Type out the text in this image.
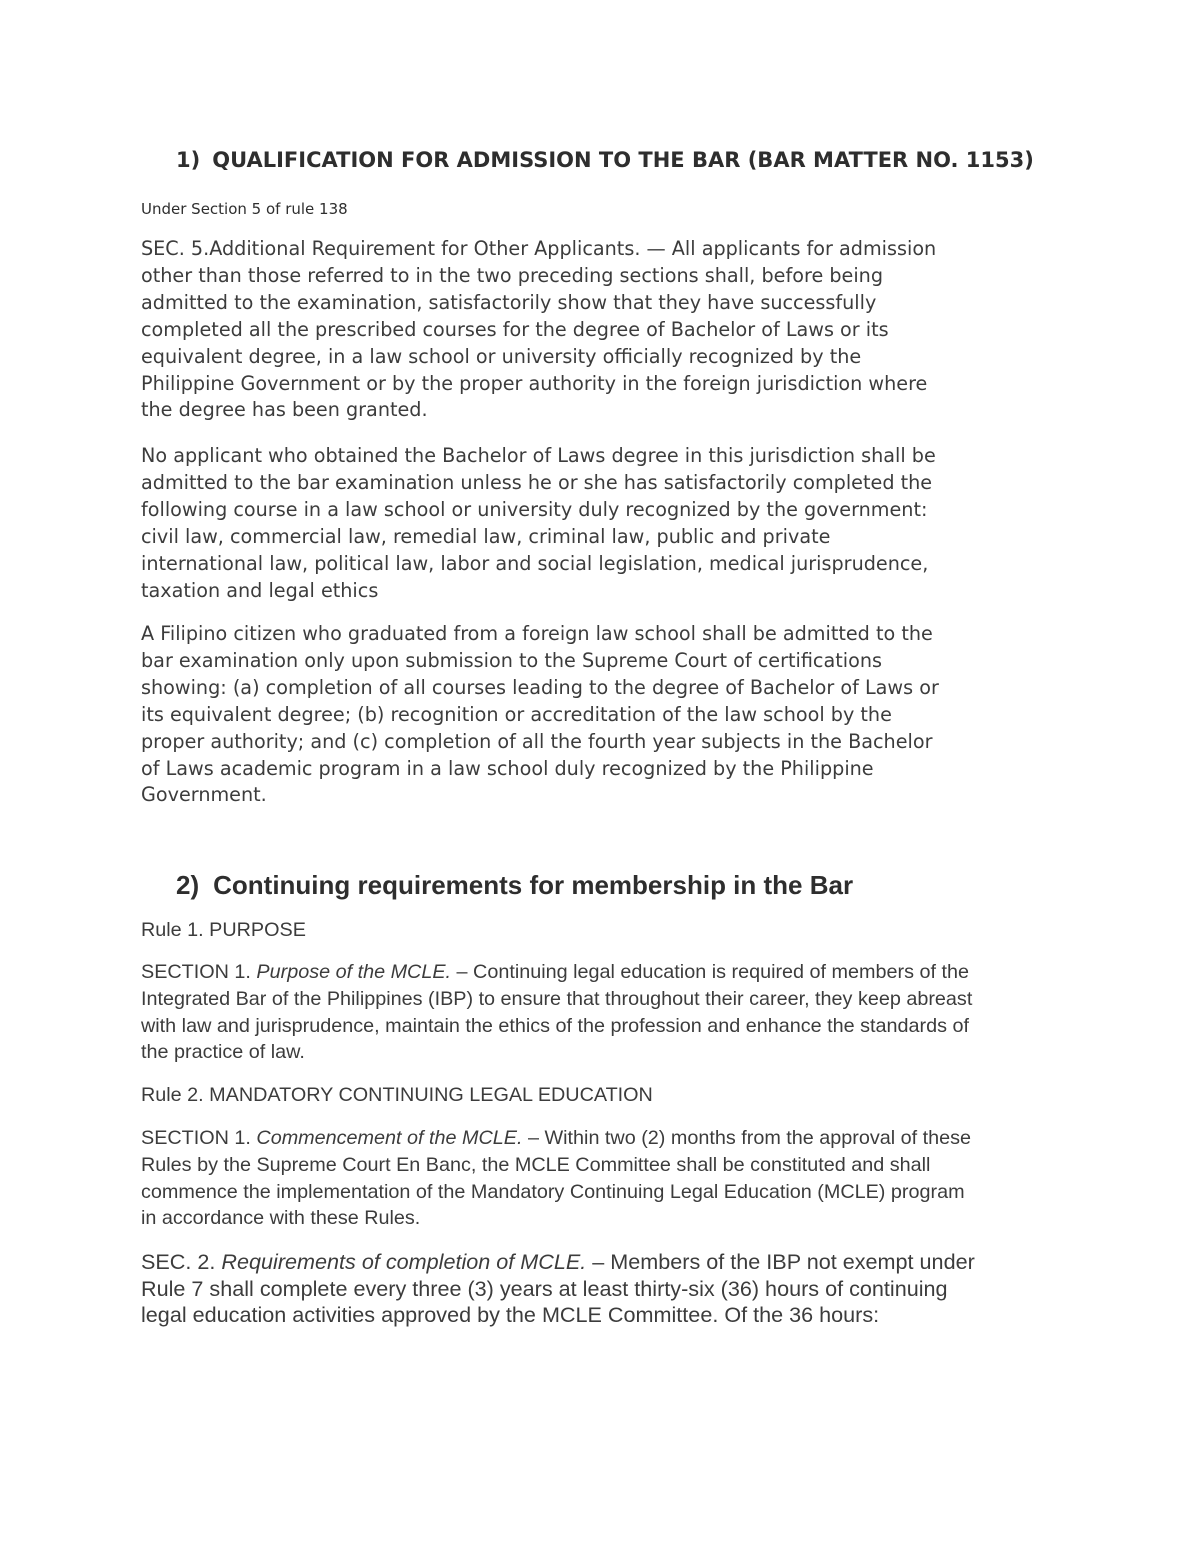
1) QUALIFICATION FOR ADMISSION TO THE BAR (BAR MATTER NO. 1153)
Under Section 5 of rule 138
SEC. 5.Additional Requirement for Other Applicants. — All applicants for admission
other than those referred to in the two preceding sections shall, before being
admitted to the examination, satisfactorily show that they have successfully
completed all the prescribed courses for the degree of Bachelor of Laws or its
equivalent degree, in a law school or university officially recognized by the
Philippine Government or by the proper authority in the foreign jurisdiction where
the degree has been granted.
No applicant who obtained the Bachelor of Laws degree in this jurisdiction shall be
admitted to the bar examination unless he or she has satisfactorily completed the
following course in a law school or university duly recognized by the government:
civil law, commercial law, remedial law, criminal law, public and private
international law, political law, labor and social legislation, medical jurisprudence,
taxation and legal ethics
A Filipino citizen who graduated from a foreign law school shall be admitted to the
bar examination only upon submission to the Supreme Court of certifications
showing: (a) completion of all courses leading to the degree of Bachelor of Laws or
its equivalent degree; (b) recognition or accreditation of the law school by the
proper authority; and (c) completion of all the fourth year subjects in the Bachelor
of Laws academic program in a law school duly recognized by the Philippine
Government.
2) Continuing requirements for membership in the Bar
Rule 1. PURPOSE
SECTION 1. Purpose of the MCLE. – Continuing legal education is required of members of the
Integrated Bar of the Philippines (IBP) to ensure that throughout their career, they keep abreast
with law and jurisprudence, maintain the ethics of the profession and enhance the standards of
the practice of law.
Rule 2. MANDATORY CONTINUING LEGAL EDUCATION
SECTION 1. Commencement of the MCLE. – Within two (2) months from the approval of these
Rules by the Supreme Court En Banc, the MCLE Committee shall be constituted and shall
commence the implementation of the Mandatory Continuing Legal Education (MCLE) program
in accordance with these Rules.
SEC. 2. Requirements of completion of MCLE. – Members of the IBP not exempt under
Rule 7 shall complete every three (3) years at least thirty-six (36) hours of continuing
legal education activities approved by the MCLE Committee. Of the 36 hours:
